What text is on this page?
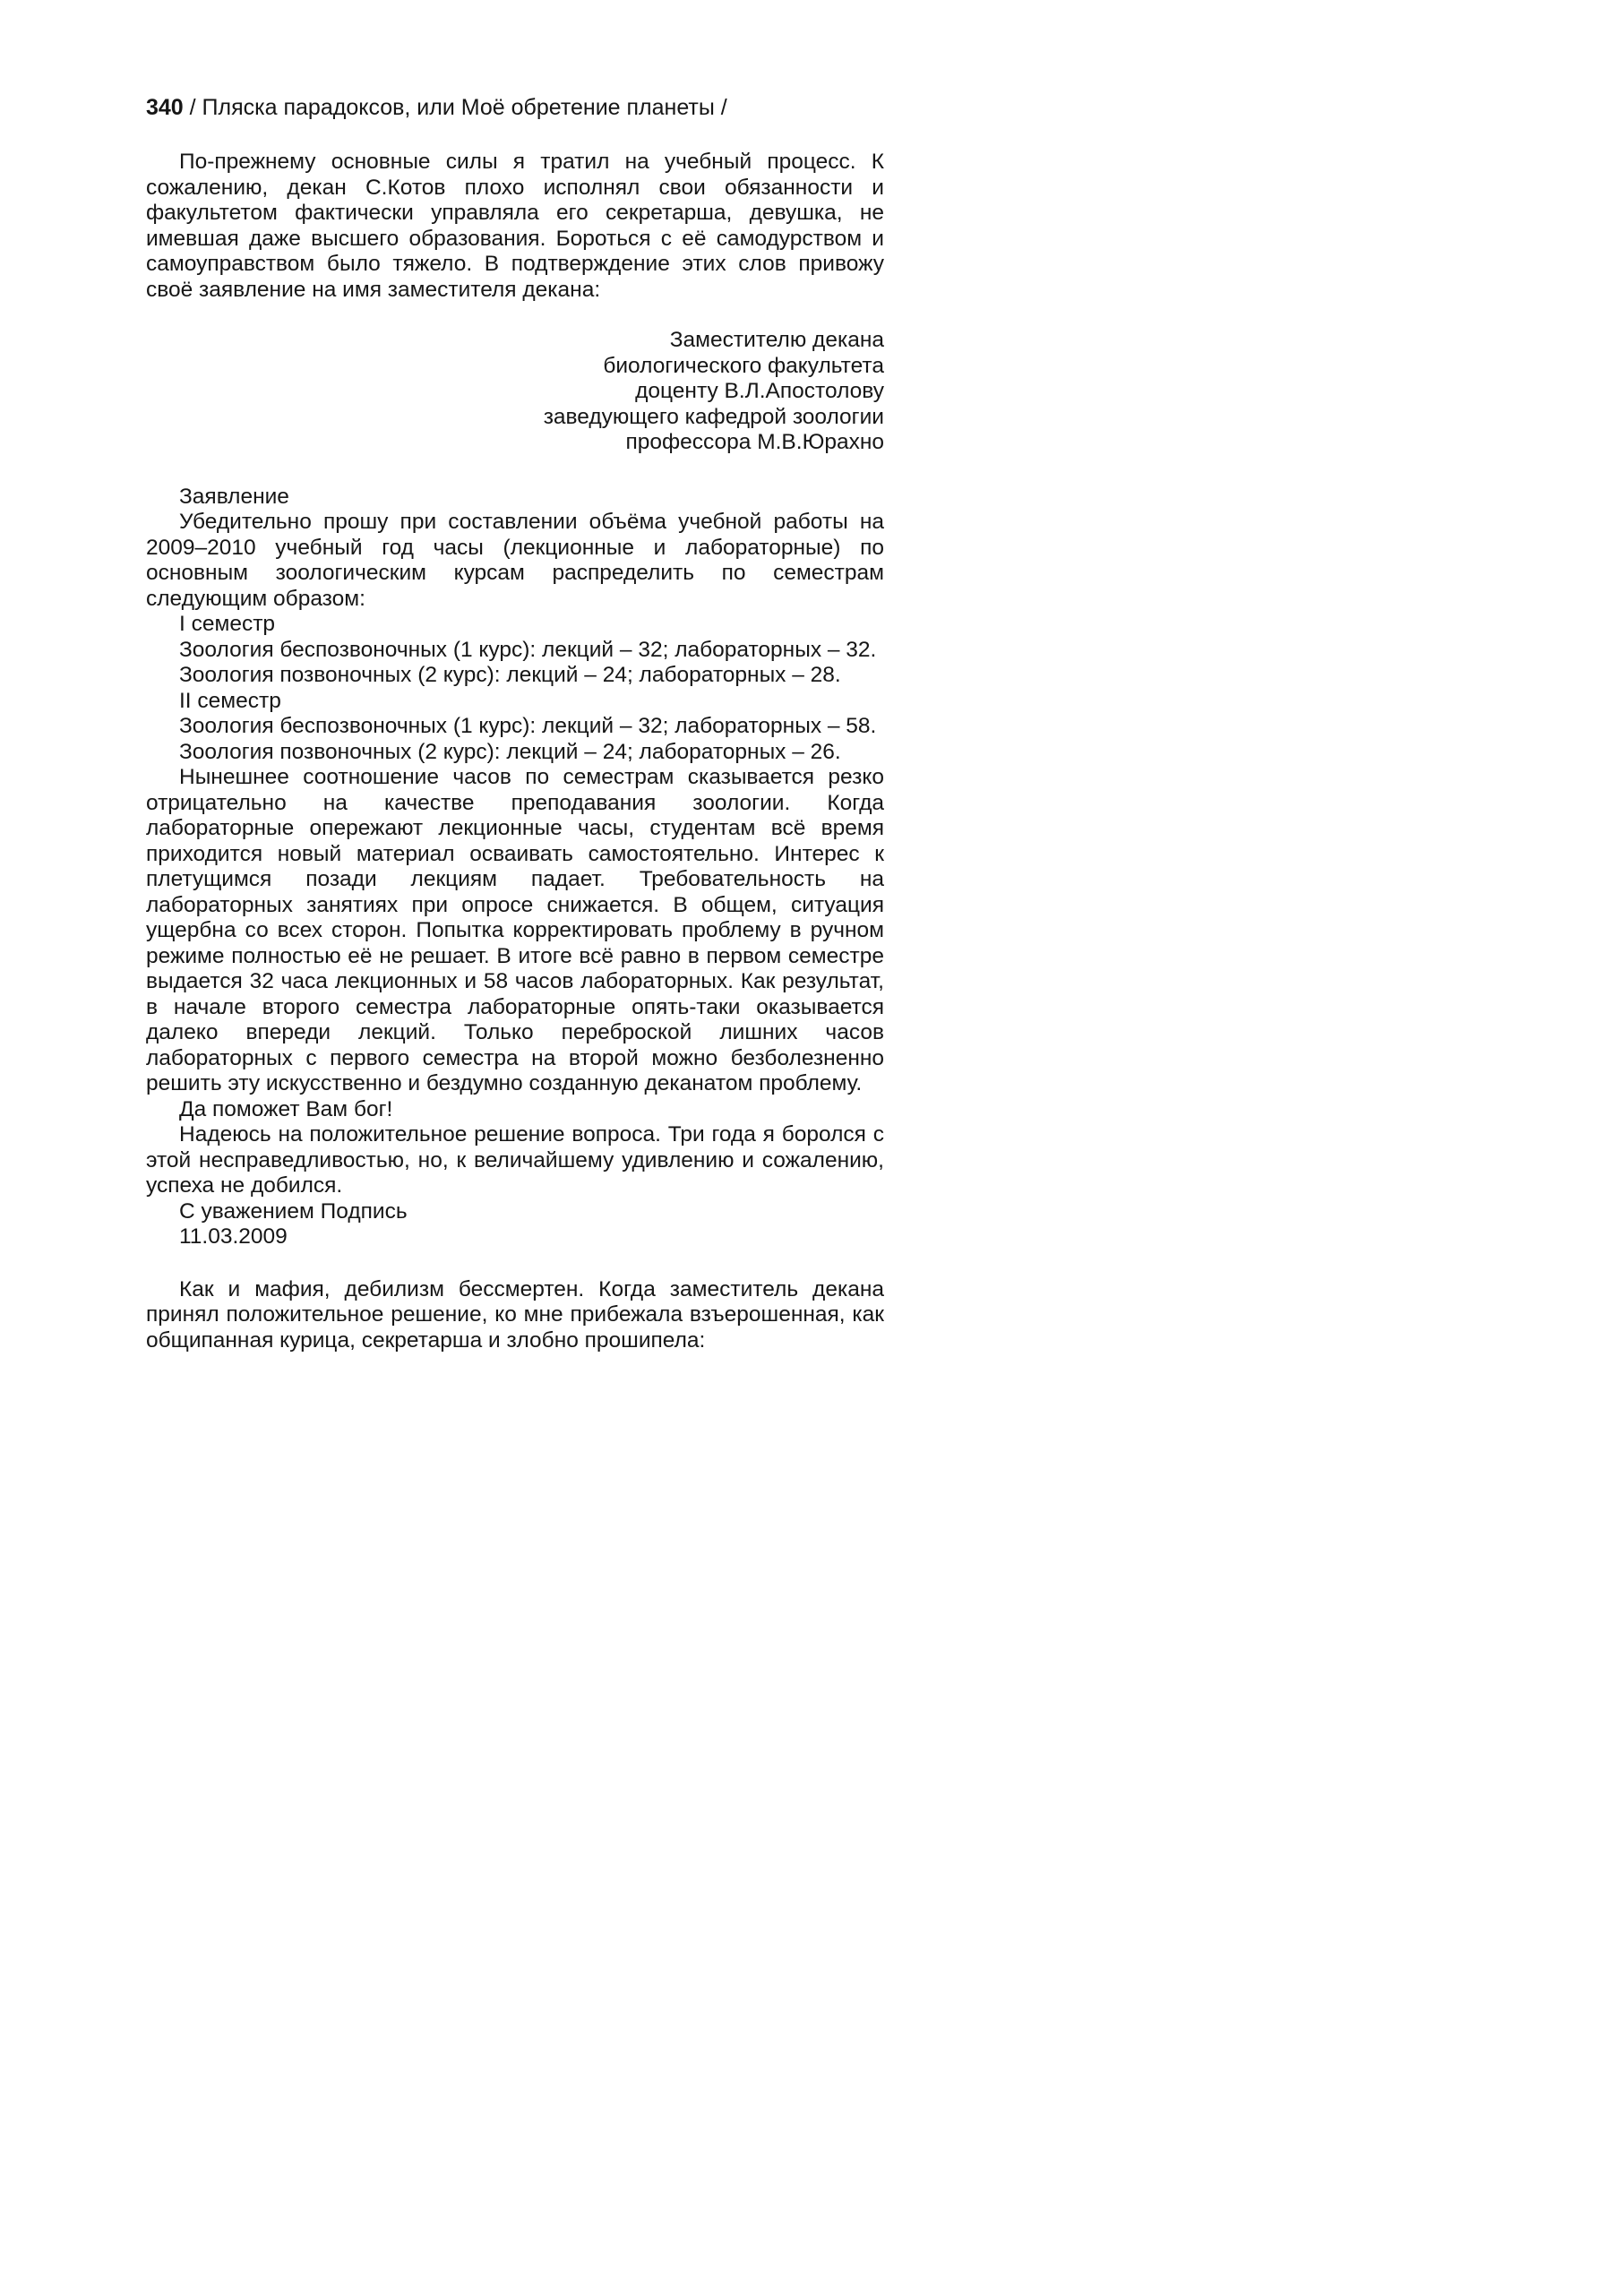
340 / Пляска парадоксов, или Моё обретение планеты /

По-прежнему основные силы я тратил на учебный процесс. К сожалению, декан С.Котов плохо исполнял свои обязанности и факультетом фактически управляла его секретарша, девушка, не имевшая даже высшего образования. Бороться с её самодурством и самоуправством было тяжело. В подтверждение этих слов привожу своё заявление на имя заместителя декана:

Заместителю декана
биологического факультета
доценту В.Л.Апостолову
заведующего кафедрой зоологии
профессора М.В.Юрахно

Заявление

Убедительно прошу при составлении объёма учебной работы на 2009–2010 учебный год часы (лекционные и лабораторные) по основным зоологическим курсам распределить по семестрам следующим образом:

I семестр

Зоология беспозвоночных (1 курс): лекций – 32; лабораторных – 32.

Зоология позвоночных (2 курс): лекций – 24; лабораторных – 28.

II семестр

Зоология беспозвоночных (1 курс): лекций – 32; лабораторных – 58.

Зоология позвоночных (2 курс): лекций – 24; лабораторных – 26.

Нынешнее соотношение часов по семестрам сказывается резко отрицательно на качестве преподавания зоологии. Когда лабораторные опережают лекционные часы, студентам всё время приходится новый материал осваивать самостоятельно. Интерес к плетущимся позади лекциям падает. Требовательность на лабораторных занятиях при опросе снижается. В общем, ситуация ущербна со всех сторон. Попытка корректировать проблему в ручном режиме полностью её не решает. В итоге всё равно в первом семестре выдается 32 часа лекционных и 58 часов лабораторных. Как результат, в начале второго семестра лабораторные опять-таки оказывается далеко впереди лекций. Только переброской лишних часов лабораторных с первого семестра на второй можно безболезненно решить эту искусственно и бездумно созданную деканатом проблему.

Да поможет Вам бог!

Надеюсь на положительное решение вопроса. Три года я боролся с этой несправедливостью, но, к величайшему удивлению и сожалению, успеха не добился.

С уважением Подпись

11.03.2009

Как и мафия, дебилизм бессмертен. Когда заместитель декана принял положительное решение, ко мне прибежала взъерошенная, как общипанная курица, секретарша и злобно прошипела:
